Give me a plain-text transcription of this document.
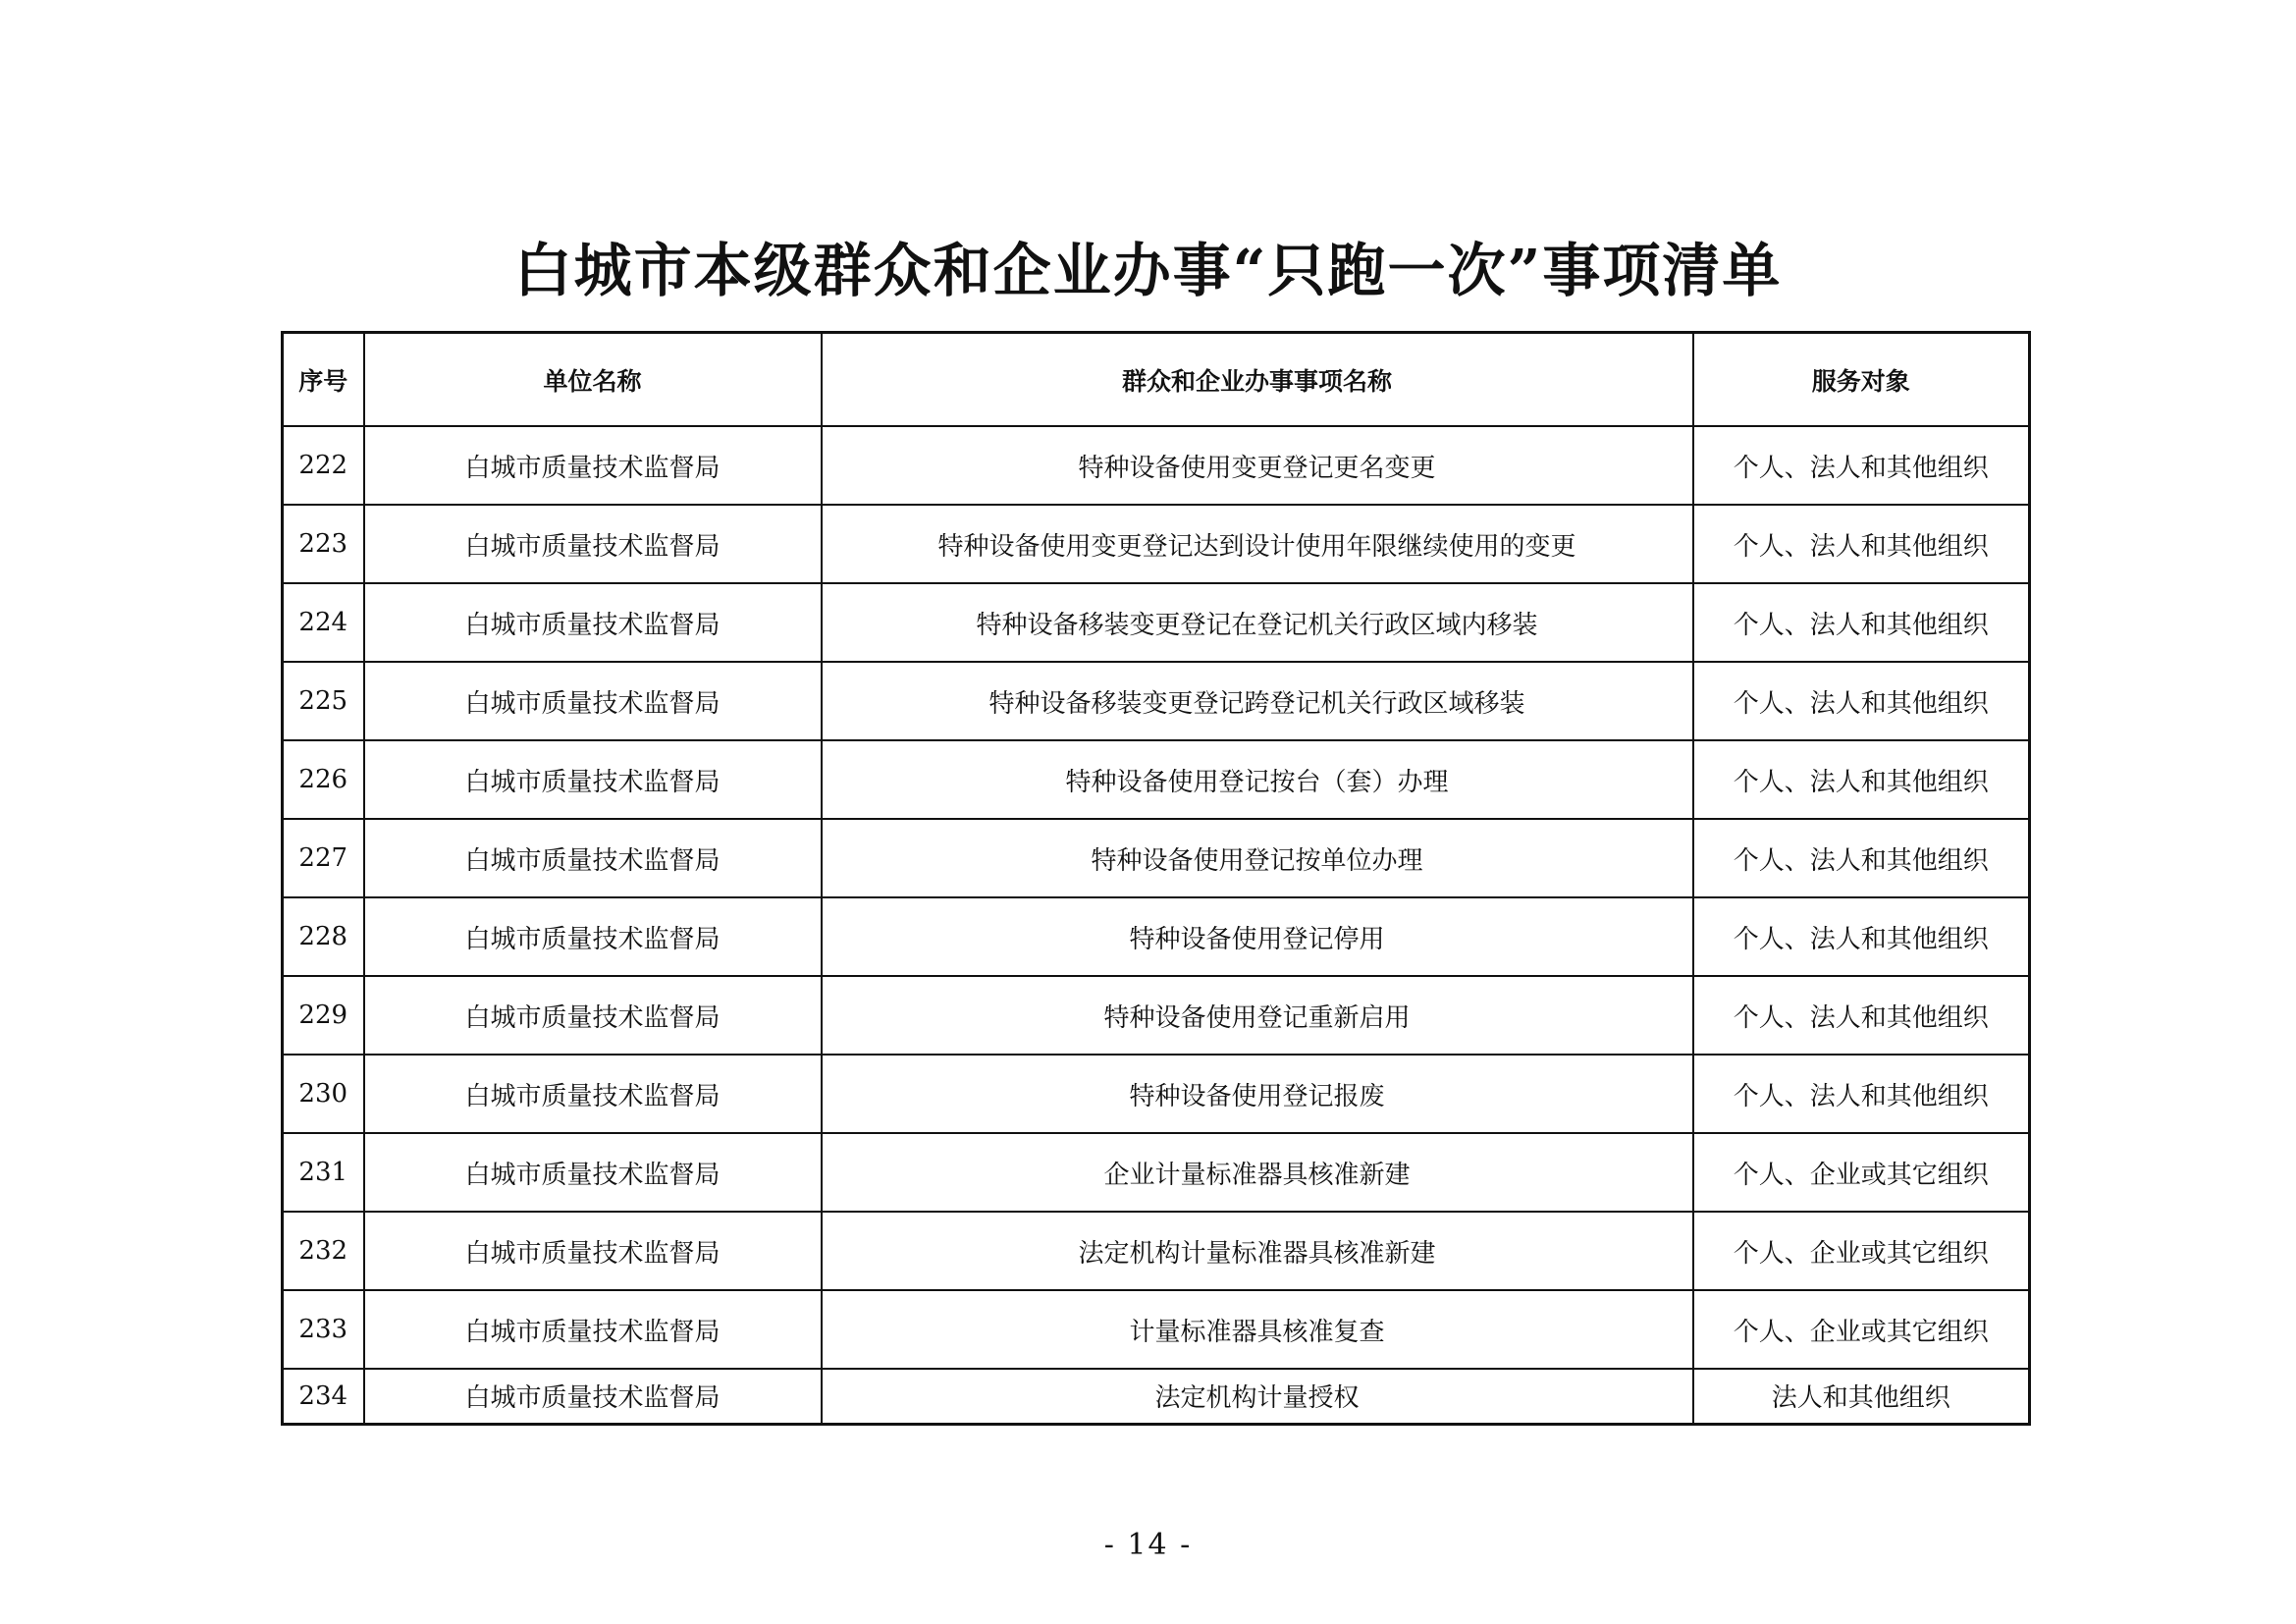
白城市本级群众和企业办事“只跑一次”事项清单
序号	单位名称	群众和企业办事事项名称	服务对象
222	白城市质量技术监督局	特种设备使用变更登记更名变更	个人、法人和其他组织
223	白城市质量技术监督局	特种设备使用变更登记达到设计使用年限继续使用的变更	个人、法人和其他组织
224	白城市质量技术监督局	特种设备移装变更登记在登记机关行政区域内移装	个人、法人和其他组织
225	白城市质量技术监督局	特种设备移装变更登记跨登记机关行政区域移装	个人、法人和其他组织
226	白城市质量技术监督局	特种设备使用登记按台（套）办理	个人、法人和其他组织
227	白城市质量技术监督局	特种设备使用登记按单位办理	个人、法人和其他组织
228	白城市质量技术监督局	特种设备使用登记停用	个人、法人和其他组织
229	白城市质量技术监督局	特种设备使用登记重新启用	个人、法人和其他组织
230	白城市质量技术监督局	特种设备使用登记报废	个人、法人和其他组织
231	白城市质量技术监督局	企业计量标准器具核准新建	个人、企业或其它组织
232	白城市质量技术监督局	法定机构计量标准器具核准新建	个人、企业或其它组织
233	白城市质量技术监督局	计量标准器具核准复查	个人、企业或其它组织
234	白城市质量技术监督局	法定机构计量授权	法人和其他组织
- 14 -
